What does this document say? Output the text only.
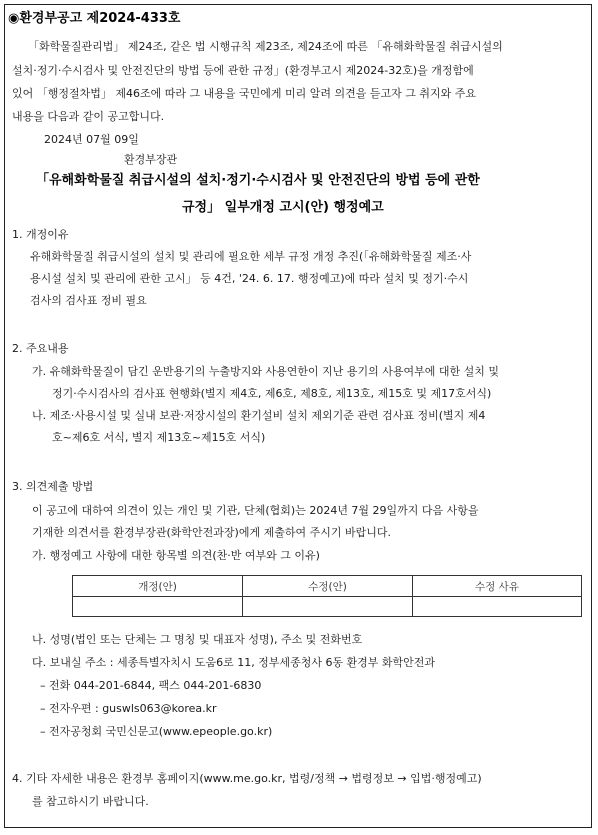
◉환경부공고 제2024-433호
「화학물질관리법」 제24조, 같은 법 시행규칙 제23조, 제24조에 따른 「유해화학물질 취급시설의
설치·정기·수시검사 및 안전진단의 방법 등에 관한 규정」(환경부고시 제2024-32호)을 개정함에
있어 「행정절차법」 제46조에 따라 그 내용을 국민에게 미리 알려 의견을 듣고자 그 취지와 주요
내용을 다음과 같이 공고합니다.
2024년 07월 09일
환경부장관
「유해화학물질 취급시설의 설치·정기·수시검사 및 안전진단의 방법 등에 관한
규정」 일부개정 고시(안) 행정예고
1. 개정이유
유해화학물질 취급시설의 설치 및 관리에 필요한 세부 규정 개정 추진(「유해화학물질 제조·사
용시설 설치 및 관리에 관한 고시」 등 4건, '24. 6. 17. 행정예고)에 따라 설치 및 정기·수시
검사의 검사표 정비 필요
2. 주요내용
가. 유해화학물질이 담긴 운반용기의 누출방지와 사용연한이 지난 용기의 사용여부에 대한 설치 및
정기·수시검사의 검사표 현행화(별지 제4호, 제6호, 제8호, 제13호, 제15호 및 제17호서식)
나. 제조·사용시설 및 실내 보관·저장시설의 환기설비 설치 제외기준 관련 검사표 정비(별지 제4
호~제6호 서식, 별지 제13호~제15호 서식)
3. 의견제출 방법
이 공고에 대하여 의견이 있는 개인 및 기관, 단체(협회)는 2024년 7월 29일까지 다음 사항을
기재한 의견서를 환경부장관(화학안전과장)에게 제출하여 주시기 바랍니다.
가. 행정예고 사항에 대한 항목별 의견(찬·반 여부와 그 이유)
개정(안)	수정(안)	수정 사유

나. 성명(법인 또는 단체는 그 명칭 및 대표자 성명), 주소 및 전화번호
다. 보내실 주소 : 세종특별자치시 도움6로 11, 정부세종청사 6동 환경부 화학안전과
– 전화 044-201-6844, 팩스 044-201-6830
– 전자우편 : guswls063@korea.kr
– 전자공청회 국민신문고(www.epeople.go.kr)
4. 기타 자세한 내용은 환경부 홈페이지(www.me.go.kr, 법령/정책 → 법령정보 → 입법·행정예고)
를 참고하시기 바랍니다.
